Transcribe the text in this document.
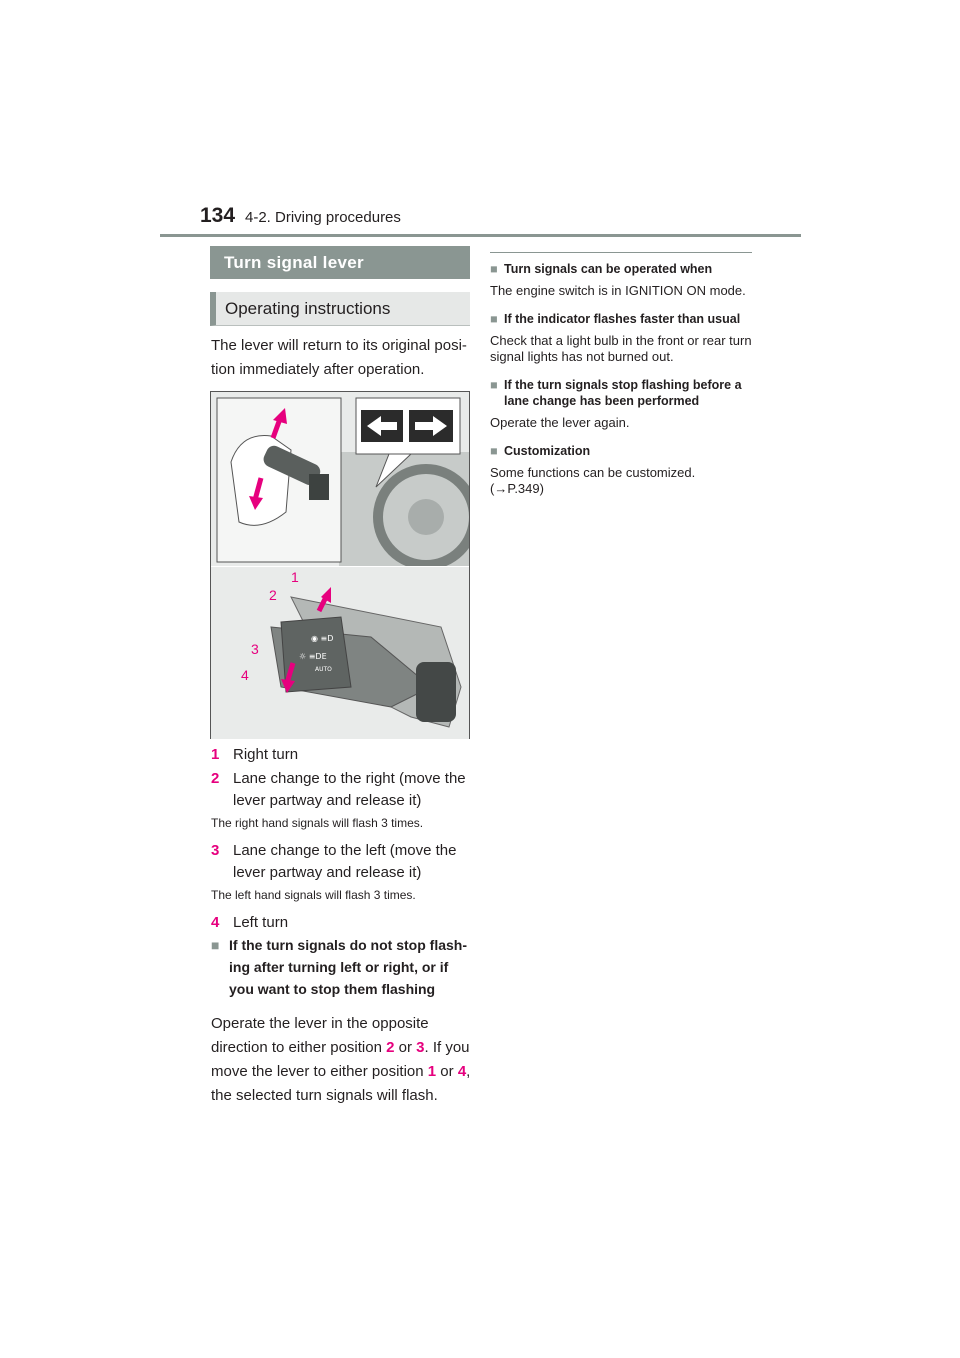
134 4-2. Driving procedures
Turn signal lever
Operating instructions
The lever will return to its original posi-tion immediately after operation.
◉ ≡D
☼ ≡DE
AUTO
1
2
3
4
1 Right turn
2 Lane change to the right (move the lever partway and release it)
The right hand signals will flash 3 times.
3 Lane change to the left (move the lever partway and release it)
The left hand signals will flash 3 times.
4 Left turn
■ If the turn signals do not stop flash-ing after turning left or right, or if you want to stop them flashing
Operate the lever in the opposite direction to either position 2 or 3. If you move the lever to either position 1 or 4, the selected turn signals will flash.
■ Turn signals can be operated when
The engine switch is in IGNITION ON mode.
■ If the indicator flashes faster than usual
Check that a light bulb in the front or rear turn signal lights has not burned out.
■ If the turn signals stop flashing before a lane change has been performed
Operate the lever again.
■ Customization
Some functions can be customized. (→P.349)
